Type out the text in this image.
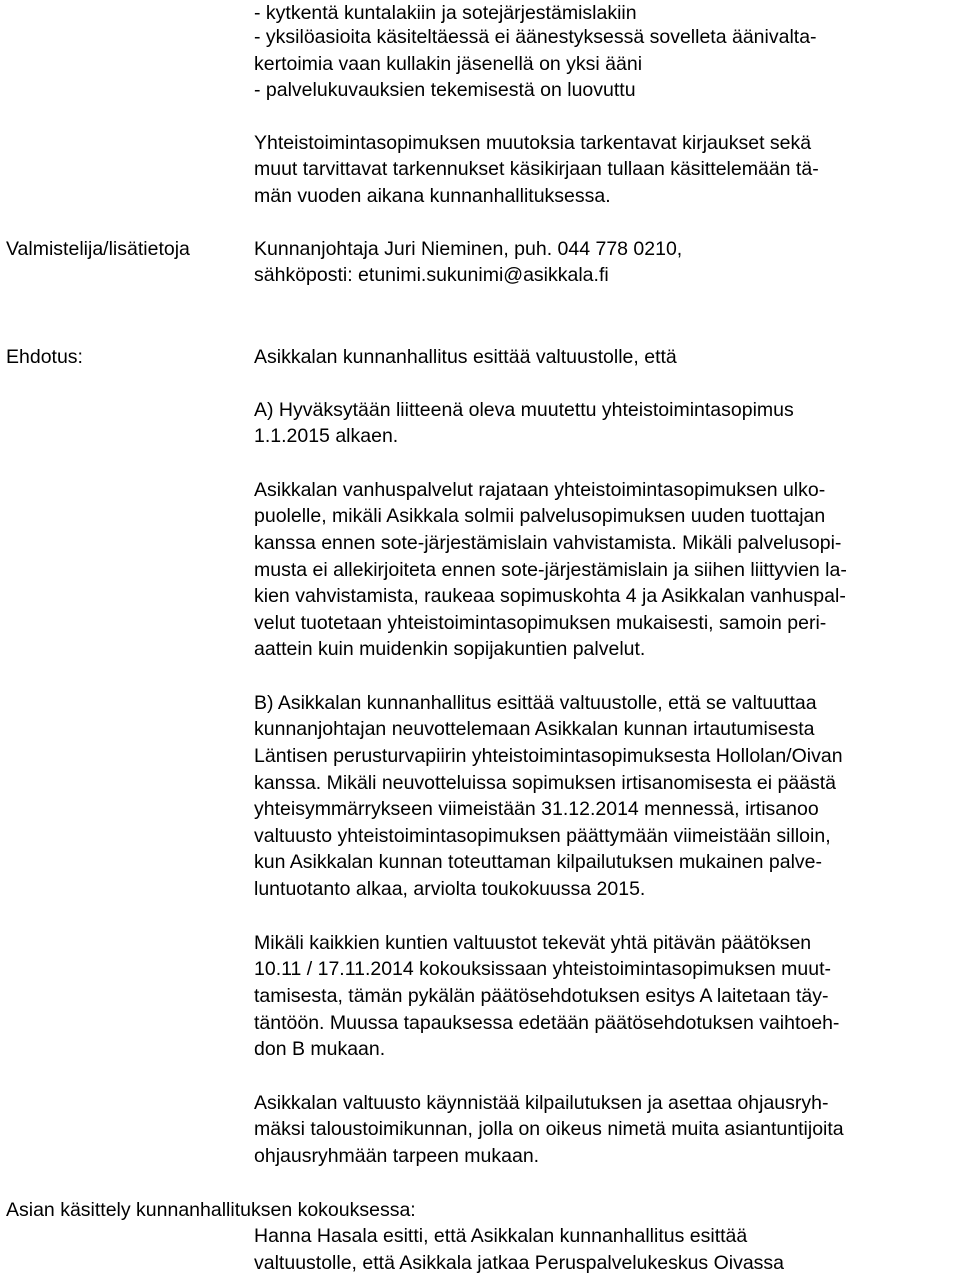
- kytkentä kuntalakiin ja sotejärjestämislakiin
- yksilöasioita käsiteltäessä ei äänestyksessä sovelleta äänivalta-
kertoimia vaan kullakin jäsenellä on yksi ääni
- palvelukuvauksien tekemisestä on luovuttu
Yhteistoimintasopimuksen muutoksia tarkentavat kirjaukset sekä
muut tarvittavat tarkennukset käsikirjaan tullaan käsittelemään tä-
män vuoden aikana kunnanhallituksessa.
Valmistelija/lisätietoja	Kunnanjohtaja Juri Nieminen, puh. 044 778 0210,
sähköposti: etunimi.sukunimi@asikkala.fi
Ehdotus:	Asikkalan kunnanhallitus esittää valtuustolle, että
A) Hyväksytään liitteenä oleva muutettu yhteistoimintasopimus
1.1.2015 alkaen.
Asikkalan vanhuspalvelut rajataan yhteistoimintasopimuksen ulko-
puolelle, mikäli Asikkala solmii palvelusopimuksen uuden tuottajan
kanssa ennen sote-järjestämislain vahvistamista. Mikäli palvelusopi-
musta ei allekirjoiteta ennen sote-järjestämislain ja siihen liittyvien la-
kien vahvistamista, raukeaa sopimuskohta 4 ja Asikkalan vanhuspal-
velut tuotetaan yhteistoimintasopimuksen mukaisesti, samoin peri-
aattein kuin muidenkin sopijakuntien palvelut.
B) Asikkalan kunnanhallitus esittää valtuustolle, että se valtuuttaa
kunnanjohtajan neuvottelemaan Asikkalan kunnan irtautumisesta
Läntisen perusturvapiirin yhteistoimintasopimuksesta Hollolan/Oivan
kanssa. Mikäli neuvotteluissa sopimuksen irtisanomisesta ei päästä
yhteisymmärrykseen viimeistään 31.12.2014 mennessä, irtisanoo
valtuusto yhteistoimintasopimuksen päättymään viimeistään silloin,
kun Asikkalan kunnan toteuttaman kilpailutuksen mukainen palve-
luntuotanto alkaa, arviolta toukokuussa 2015.
Mikäli kaikkien kuntien valtuustot tekevät yhtä pitävän päätöksen
10.11 / 17.11.2014 kokouksissaan yhteistoimintasopimuksen muut-
tamisesta, tämän pykälän päätösehdotuksen esitys A laitetaan täy-
täntöön. Muussa tapauksessa edetään päätösehdotuksen vaihtoeh-
don B mukaan.
Asikkalan valtuusto käynnistää kilpailutuksen ja asettaa ohjausryh-
mäksi taloustoimikunnan, jolla on oikeus nimetä muita asiantuntijoita
ohjausryhmään tarpeen mukaan.
Asian käsittely kunnanhallituksen kokouksessa:
Hanna Hasala esitti, että Asikkalan kunnanhallitus esittää
valtuustolle, että Asikkala jatkaa Peruspalvelukeskus Oivassa
